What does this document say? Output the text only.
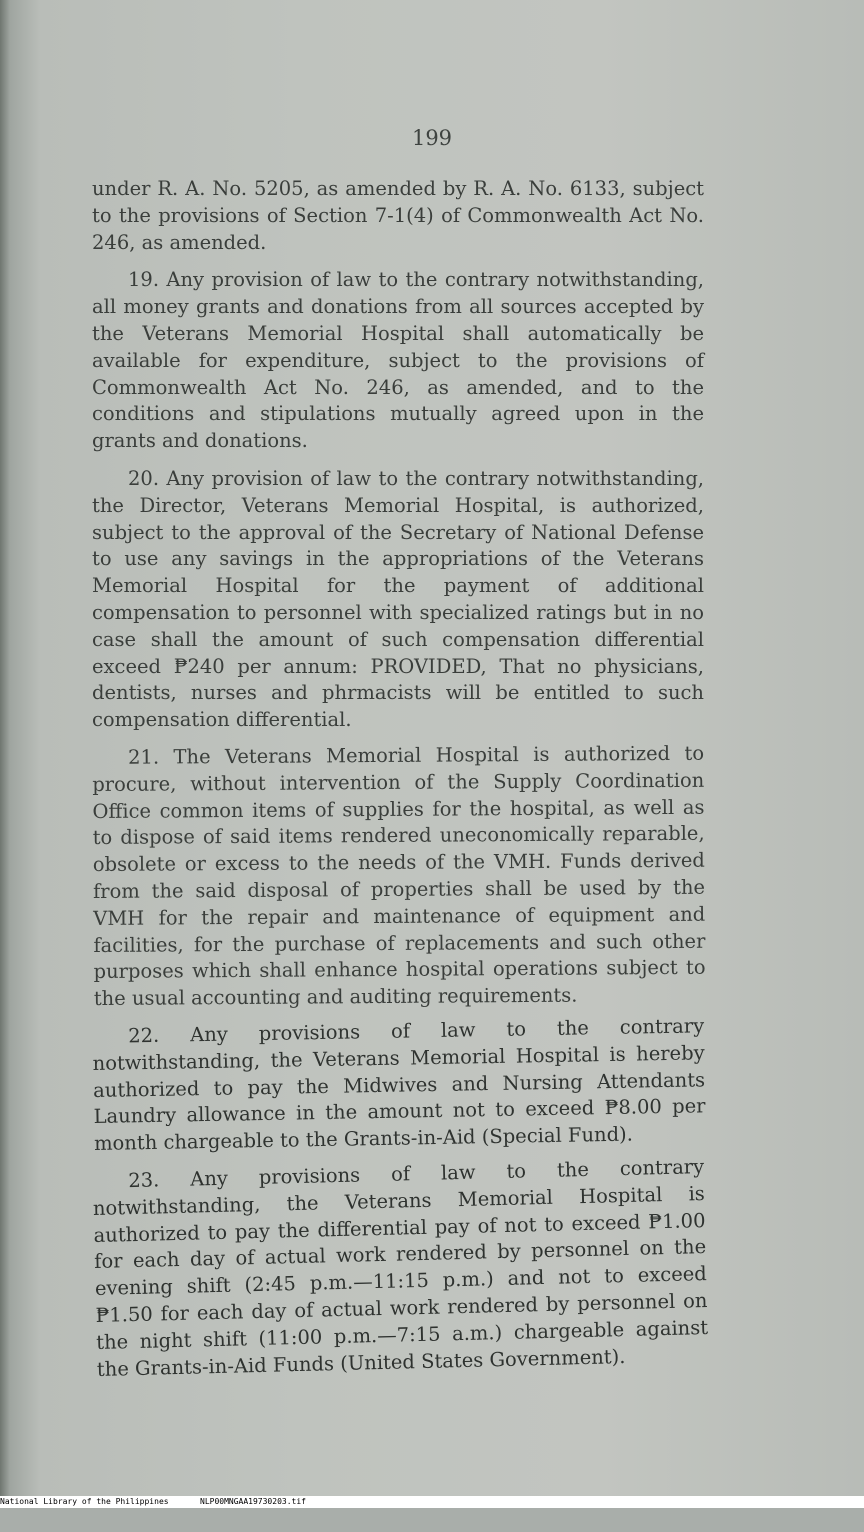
199

under R. A. No. 5205, as amended by R. A. No. 6133, subject to the provisions of Section 7-1(4) of Commonwealth Act No. 246, as amended.

19. Any provision of law to the contrary notwithstanding, all money grants and donations from all sources accepted by the Veterans Memorial Hospital shall automatically be available for expenditure, subject to the provisions of Commonwealth Act No. 246, as amended, and to the conditions and stipulations mutually agreed upon in the grants and donations.

20. Any provision of law to the contrary notwithstanding, the Director, Veterans Memorial Hospital, is authorized, subject to the approval of the Secretary of National Defense to use any savings in the appropriations of the Veterans Memorial Hospital for the payment of additional compensation to personnel with specialized ratings but in no case shall the amount of such compensation differential exceed ₱240 per annum: PROVIDED, That no physicians, dentists, nurses and phrmacists will be entitled to such compensation differential.

21. The Veterans Memorial Hospital is authorized to procure, without intervention of the Supply Coordination Office common items of supplies for the hospital, as well as to dispose of said items rendered uneconomically reparable, obsolete or excess to the needs of the VMH. Funds derived from the said disposal of properties shall be used by the VMH for the repair and maintenance of equipment and facilities, for the purchase of replacements and such other purposes which shall enhance hospital operations subject to the usual accounting and auditing requirements.

22. Any provisions of law to the contrary notwithstanding, the Veterans Memorial Hospital is hereby authorized to pay the Midwives and Nursing Attendants Laundry allowance in the amount not to exceed ₱8.00 per month chargeable to the Grants-in-Aid (Special Fund).

23. Any provisions of law to the contrary notwithstanding, the Veterans Memorial Hospital is authorized to pay the differential pay of not to exceed ₱1.00 for each day of actual work rendered by personnel on the evening shift (2:45 p.m.—11:15 p.m.) and not to exceed ₱1.50 for each day of actual work rendered by personnel on the night shift (11:00 p.m.—7:15 a.m.) chargeable against the Grants-in-Aid Funds (United States Government).

National Library of the Philippines

	NLP00MNGAA19730203.tif
